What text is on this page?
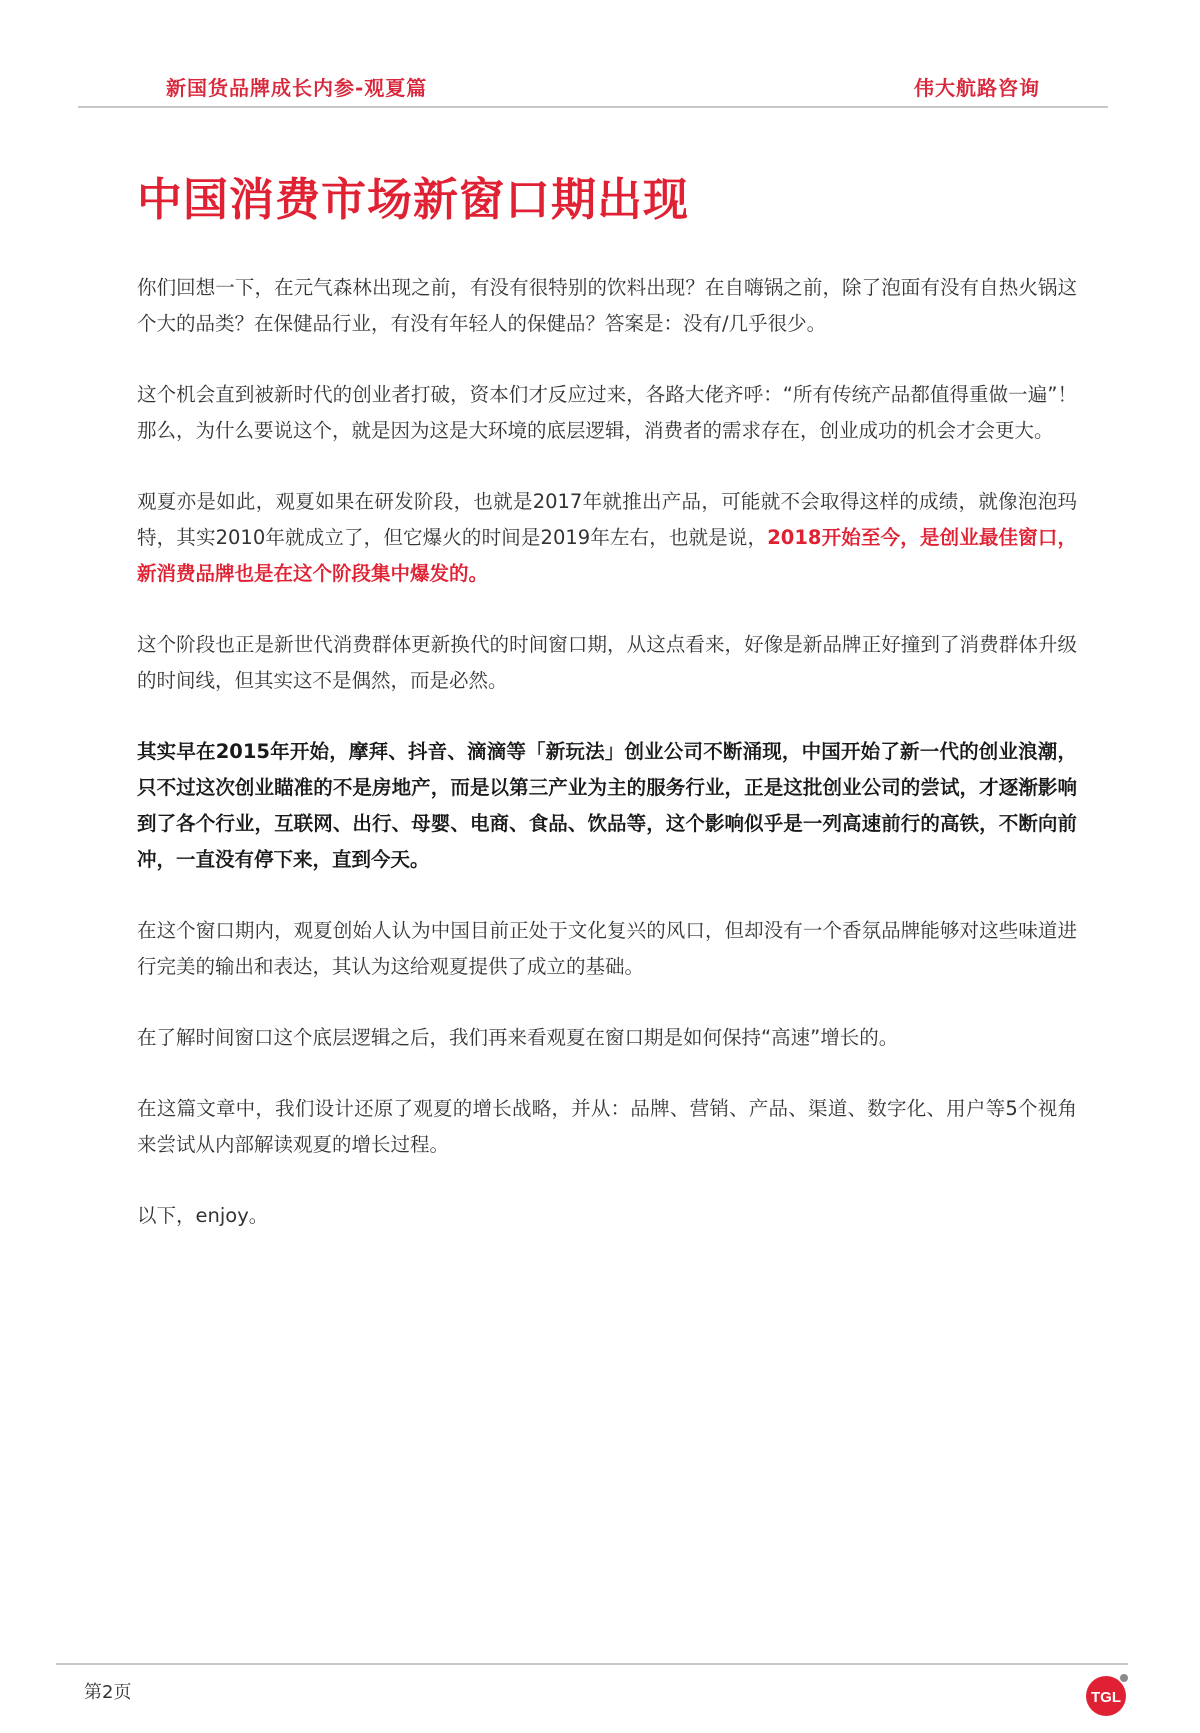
新国货品牌成长内参-观夏篇	伟大航路咨询
中国消费市场新窗口期出现

你们回想一下，在元气森林出现之前，有没有很特别的饮料出现？在自嗨锅之前，除了泡面有没有自热火锅这个大的品类？在保健品行业，有没有年轻人的保健品？答案是：没有/几乎很少。

这个机会直到被新时代的创业者打破，资本们才反应过来，各路大佬齐呼：“所有传统产品都值得重做一遍”！那么，为什么要说这个，就是因为这是大环境的底层逻辑，消费者的需求存在，创业成功的机会才会更大。

观夏亦是如此，观夏如果在研发阶段，也就是2017年就推出产品，可能就不会取得这样的成绩，就像泡泡玛特，其实2010年就成立了，但它爆火的时间是2019年左右，也就是说，2018开始至今，是创业最佳窗口，新消费品牌也是在这个阶段集中爆发的。

这个阶段也正是新世代消费群体更新换代的时间窗口期，从这点看来，好像是新品牌正好撞到了消费群体升级的时间线，但其实这不是偶然，而是必然。

其实早在2015年开始，摩拜、抖音、滴滴等「新玩法」创业公司不断涌现，中国开始了新一代的创业浪潮，只不过这次创业瞄准的不是房地产，而是以第三产业为主的服务行业，正是这批创业公司的尝试，才逐渐影响到了各个行业，互联网、出行、母婴、电商、食品、饮品等，这个影响似乎是一列高速前行的高铁，不断向前冲，一直没有停下来，直到今天。

在这个窗口期内，观夏创始人认为中国目前正处于文化复兴的风口，但却没有一个香氛品牌能够对这些味道进行完美的输出和表达，其认为这给观夏提供了成立的基础。

在了解时间窗口这个底层逻辑之后，我们再来看观夏在窗口期是如何保持“高速”增长的。

在这篇文章中，我们设计还原了观夏的增长战略，并从：品牌、营销、产品、渠道、数字化、用户等5个视角来尝试从内部解读观夏的增长过程。

以下，enjoy。

第2页	TGL
